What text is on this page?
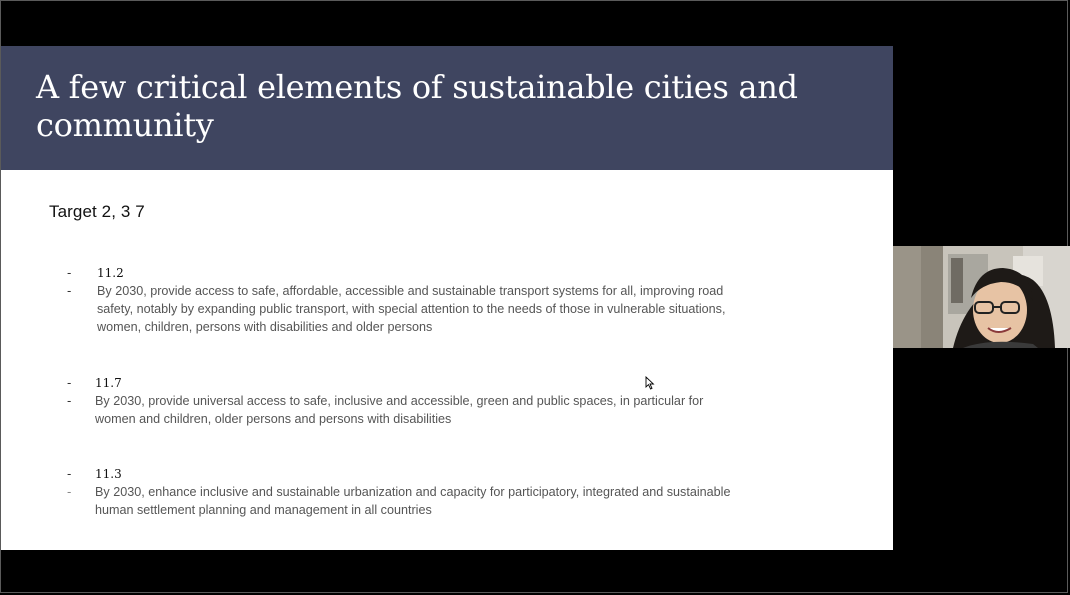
A few critical elements of sustainable cities and community
Target 2, 3 7
-	11.2
- By 2030, provide access to safe, affordable, accessible and sustainable transport systems for all, improving road safety, notably by expanding public transport, with special attention to the needs of those in vulnerable situations, women, children, persons with disabilities and older persons
-	11.7
- By 2030, provide universal access to safe, inclusive and accessible, green and public spaces, in particular for women and children, older persons and persons with disabilities
-	11.3
- By 2030, enhance inclusive and sustainable urbanization and capacity for participatory, integrated and sustainable human settlement planning and management in all countries
